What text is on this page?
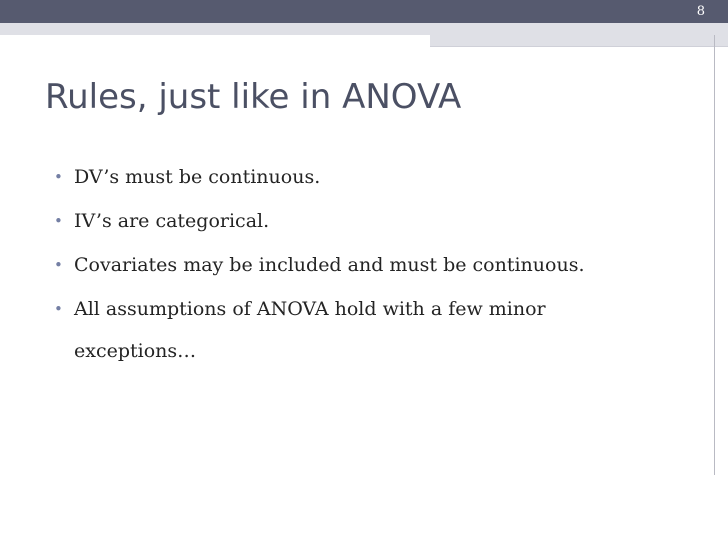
8
Rules, just like in ANOVA
• DV’s must be continuous.
• IV’s are categorical.
• Covariates may be included and must be continuous.
• All assumptions of ANOVA hold with a few minor
exceptions…
